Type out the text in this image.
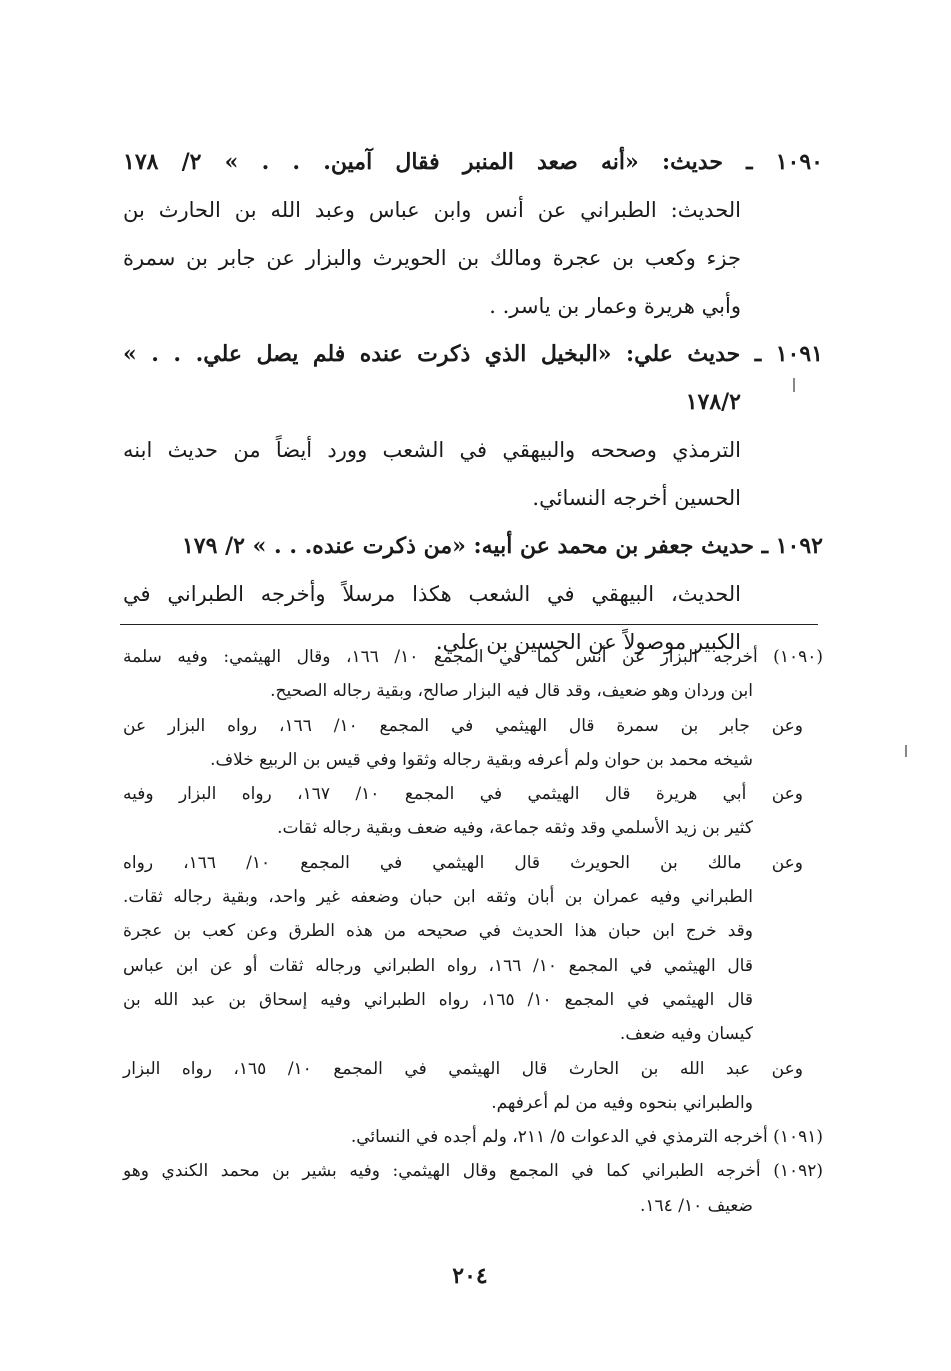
١٠٩٠ ـ حديث: «أنه صعد المنبر فقال آمين. . . » ٢/ ١٧٨
الحديث: الطبراني عن أنس وابن عباس وعبد الله بن الحارث بن
جزء وكعب بن عجرة ومالك بن الحويرث والبزار عن جابر بن سمرة
وأبي هريرة وعمار بن ياسر. .
١٠٩١ ـ حديث علي: «البخيل الذي ذكرت عنده فلم يصل علي. . . »
١٧٨/٢
الترمذي وصححه والبيهقي في الشعب وورد أيضاً من حديث ابنه
الحسين أخرجه النسائي.
١٠٩٢ ـ حديث جعفر بن محمد عن أبيه: «من ذكرت عنده. . . » ٢/ ١٧٩
الحديث، البيهقي في الشعب هكذا مرسلاً وأخرجه الطبراني في
الكبير موصولاً عن الحسين بن علي.
(١٠٩٠) أخرجه البزار عن أنس كما في المجمع ١٠/ ١٦٦، وقال الهيثمي: وفيه سلمة
ابن وردان وهو ضعيف، وقد قال فيه البزار صالح، وبقية رجاله الصحيح.
وعن جابر بن سمرة قال الهيثمي في المجمع ١٠/ ١٦٦، رواه البزار عن
شيخه محمد بن حوان ولم أعرفه وبقية رجاله وثقوا وفي قيس بن الربيع خلاف.
وعن أبي هريرة قال الهيثمي في المجمع ١٠/ ١٦٧، رواه البزار وفيه
كثير بن زيد الأسلمي وقد وثقه جماعة، وفيه ضعف وبقية رجاله ثقات.
وعن مالك بن الحويرث قال الهيثمي في المجمع ١٠/ ١٦٦، رواه
الطبراني وفيه عمران بن أبان وثقه ابن حبان وضعفه غير واحد، وبقية رجاله ثقات.
وقد خرج ابن حبان هذا الحديث في صحيحه من هذه الطرق وعن كعب بن عجرة
قال الهيثمي في المجمع ١٠/ ١٦٦، رواه الطبراني ورجاله ثقات أو عن ابن عباس
قال الهيثمي في المجمع ١٠/ ١٦٥، رواه الطبراني وفيه إسحاق بن عبد الله بن
كيسان وفيه ضعف.
وعن عبد الله بن الحارث قال الهيثمي في المجمع ١٠/ ١٦٥، رواه البزار
والطبراني بنحوه وفيه من لم أعرفهم.
(١٠٩١) أخرجه الترمذي في الدعوات ٥/ ٢١١، ولم أجده في النسائي.
(١٠٩٢) أخرجه الطبراني كما في المجمع وقال الهيثمي: وفيه بشير بن محمد الكندي وهو
ضعيف ١٠/ ١٦٤.
٢٠٤
